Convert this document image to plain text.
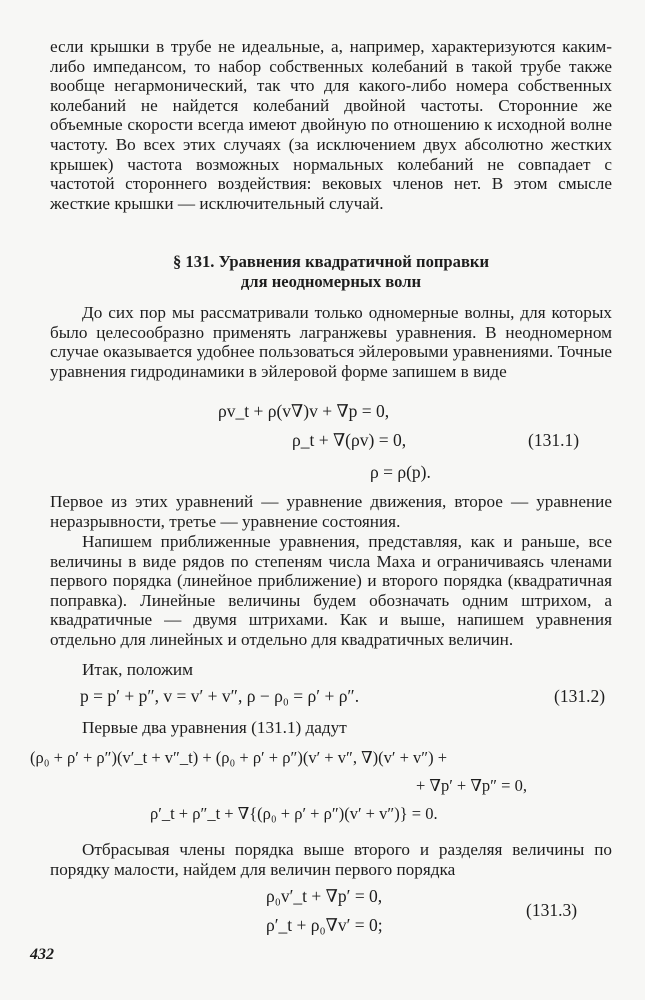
если крышки в трубе не идеальные, а, например, характеризуются каким-либо импедансом, то набор собственных колебаний в такой трубе также вообще негармонический, так что для какого-либо номера собственных колебаний не найдется колебаний двойной частоты. Сторонние же объемные скорости всегда имеют двойную по отношению к исходной волне частоту. Во всех этих случаях (за исключением двух абсолютно жестких крышек) частота возможных нормальных колебаний не совпадает с частотой стороннего воздействия: вековых членов нет. В этом смысле жесткие крышки — исключительный случай.

§ 131. Уравнения квадратичной поправки
для неодномерных волн

До сих пор мы рассматривали только одномерные волны, для которых было целесообразно применять лагранжевы уравнения. В неодномерном случае оказывается удобнее пользоваться эйлеровыми уравнениями. Точные уравнения гидродинамики в эйлеровой форме запишем в виде

ρv_t + ρ(v∇)v + ∇p = 0,
ρ_t + ∇(ρv) = 0,	(131.1)
ρ = ρ(p).

Первое из этих уравнений — уравнение движения, второе — уравнение неразрывности, третье — уравнение состояния.

Напишем приближенные уравнения, представляя, как и раньше, все величины в виде рядов по степеням числа Маха и ограничиваясь членами первого порядка (линейное приближение) и второго порядка (квадратичная поправка). Линейные величины будем обозначать одним штрихом, а квадратичные — двумя штрихами. Как и выше, напишем уравнения отдельно для линейных и отдельно для квадратичных величин.

Итак, положим

p = p′ + p″, v = v′ + v″, ρ − ρ₀ = ρ′ + ρ″.	(131.2)

Первые два уравнения (131.1) дадут

(ρ₀ + ρ′ + ρ″)(v′_t + v″_t) + (ρ₀ + ρ′ + ρ″)(v′ + v″, ∇)(v′ + v″) +
+ ∇p′ + ∇p″ = 0,
ρ′_t + ρ″_t + ∇{(ρ₀ + ρ′ + ρ″)(v′ + v″)} = 0.

Отбрасывая члены порядка выше второго и разделяя величины по порядку малости, найдем для величин первого порядка

ρ₀v′_t + ∇p′ = 0,
(131.3)
ρ′_t + ρ₀∇v′ = 0;
432
